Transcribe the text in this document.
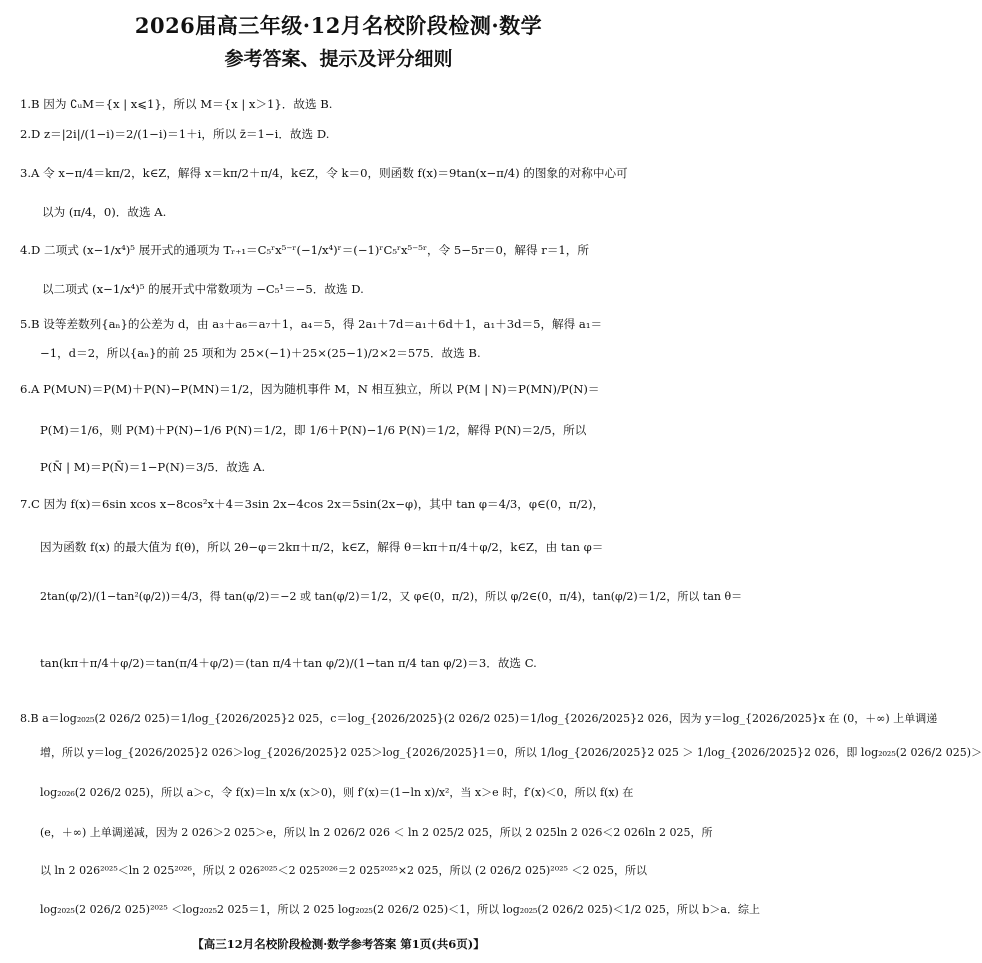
2026届高三年级·12月名校阶段检测·数学
参考答案、提示及评分细则
1.B 因为 ∁ᵤM＝{x | x⩽1}，所以 M＝{x | x＞1}．故选 B.
2.D z＝|2i|/(1−i)＝2/(1−i)＝1＋i，所以 z̄＝1−i．故选 D.
3.A 令 x−π/4＝kπ/2，k∈Z，解得 x＝kπ/2＋π/4，k∈Z，令 k＝0，则函数 f(x)＝9tan(x−π/4) 的图象的对称中心可
以为 (π/4，0)．故选 A.
4.D 二项式 (x−1/x⁴)⁵ 展开式的通项为 Tᵣ₊₁＝C₅ʳx⁵⁻ʳ(−1/x⁴)ʳ＝(−1)ʳC₅ʳx⁵⁻⁵ʳ，令 5−5r＝0，解得 r＝1，所
以二项式 (x−1/x⁴)⁵ 的展开式中常数项为 −C₅¹＝−5．故选 D.
5.B 设等差数列{aₙ}的公差为 d，由 a₃＋a₆＝a₇＋1，a₄＝5，得 2a₁＋7d＝a₁＋6d＋1，a₁＋3d＝5，解得 a₁＝
−1，d＝2，所以{aₙ}的前 25 项和为 25×(−1)＋25×(25−1)/2×2＝575．故选 B.
6.A P(M∪N)＝P(M)＋P(N)−P(MN)＝1/2，因为随机事件 M，N 相互独立，所以 P(M | N)＝P(MN)/P(N)＝
P(M)＝1/6，则 P(M)＋P(N)−1/6 P(N)＝1/2，即 1/6＋P(N)−1/6 P(N)＝1/2，解得 P(N)＝2/5，所以
P(N̄ | M)＝P(N̄)＝1−P(N)＝3/5．故选 A.
7.C 因为 f(x)＝6sin xcos x−8cos²x＋4＝3sin 2x−4cos 2x＝5sin(2x−φ)，其中 tan φ＝4/3，φ∈(0，π/2)，
因为函数 f(x) 的最大值为 f(θ)，所以 2θ−φ＝2kπ＋π/2，k∈Z，解得 θ＝kπ＋π/4＋φ/2，k∈Z，由 tan φ＝
2tan(φ/2)/(1−tan²(φ/2))＝4/3，得 tan(φ/2)＝−2 或 tan(φ/2)＝1/2，又 φ∈(0，π/2)，所以 φ/2∈(0，π/4)，tan(φ/2)＝1/2，所以 tan θ＝
tan(kπ＋π/4＋φ/2)＝tan(π/4＋φ/2)＝(tan π/4＋tan φ/2)/(1−tan π/4 tan φ/2)＝3．故选 C.
8.B a＝log₂₀₂₅(2 026/2 025)＝1/log_{2026/2025}2 025，c＝log_{2026/2025}(2 026/2 025)＝1/log_{2026/2025}2 026，因为 y＝log_{2026/2025}x 在 (0，＋∞) 上单调递
增，所以 y＝log_{2026/2025}2 026＞log_{2026/2025}2 025＞log_{2026/2025}1＝0，所以 1/log_{2026/2025}2 025 ＞ 1/log_{2026/2025}2 026，即 log₂₀₂₅(2 026/2 025)＞
log₂₀₂₆(2 026/2 025)，所以 a＞c，令 f(x)＝ln x/x (x＞0)，则 f′(x)＝(1−ln x)/x²，当 x＞e 时，f′(x)＜0，所以 f(x) 在
(e，＋∞) 上单调递减，因为 2 026＞2 025＞e，所以 ln 2 026/2 026 ＜ ln 2 025/2 025，所以 2 025ln 2 026＜2 026ln 2 025，所
以 ln 2 026²⁰²⁵＜ln 2 025²⁰²⁶，所以 2 026²⁰²⁵＜2 025²⁰²⁶＝2 025²⁰²⁵×2 025，所以 (2 026/2 025)²⁰²⁵ ＜2 025，所以
log₂₀₂₅(2 026/2 025)²⁰²⁵ ＜log₂₀₂₅2 025＝1，所以 2 025 log₂₀₂₅(2 026/2 025)＜1，所以 log₂₀₂₅(2 026/2 025)＜1/2 025，所以 b＞a．综上
【高三12月名校阶段检测·数学参考答案 第1页(共6页)】
